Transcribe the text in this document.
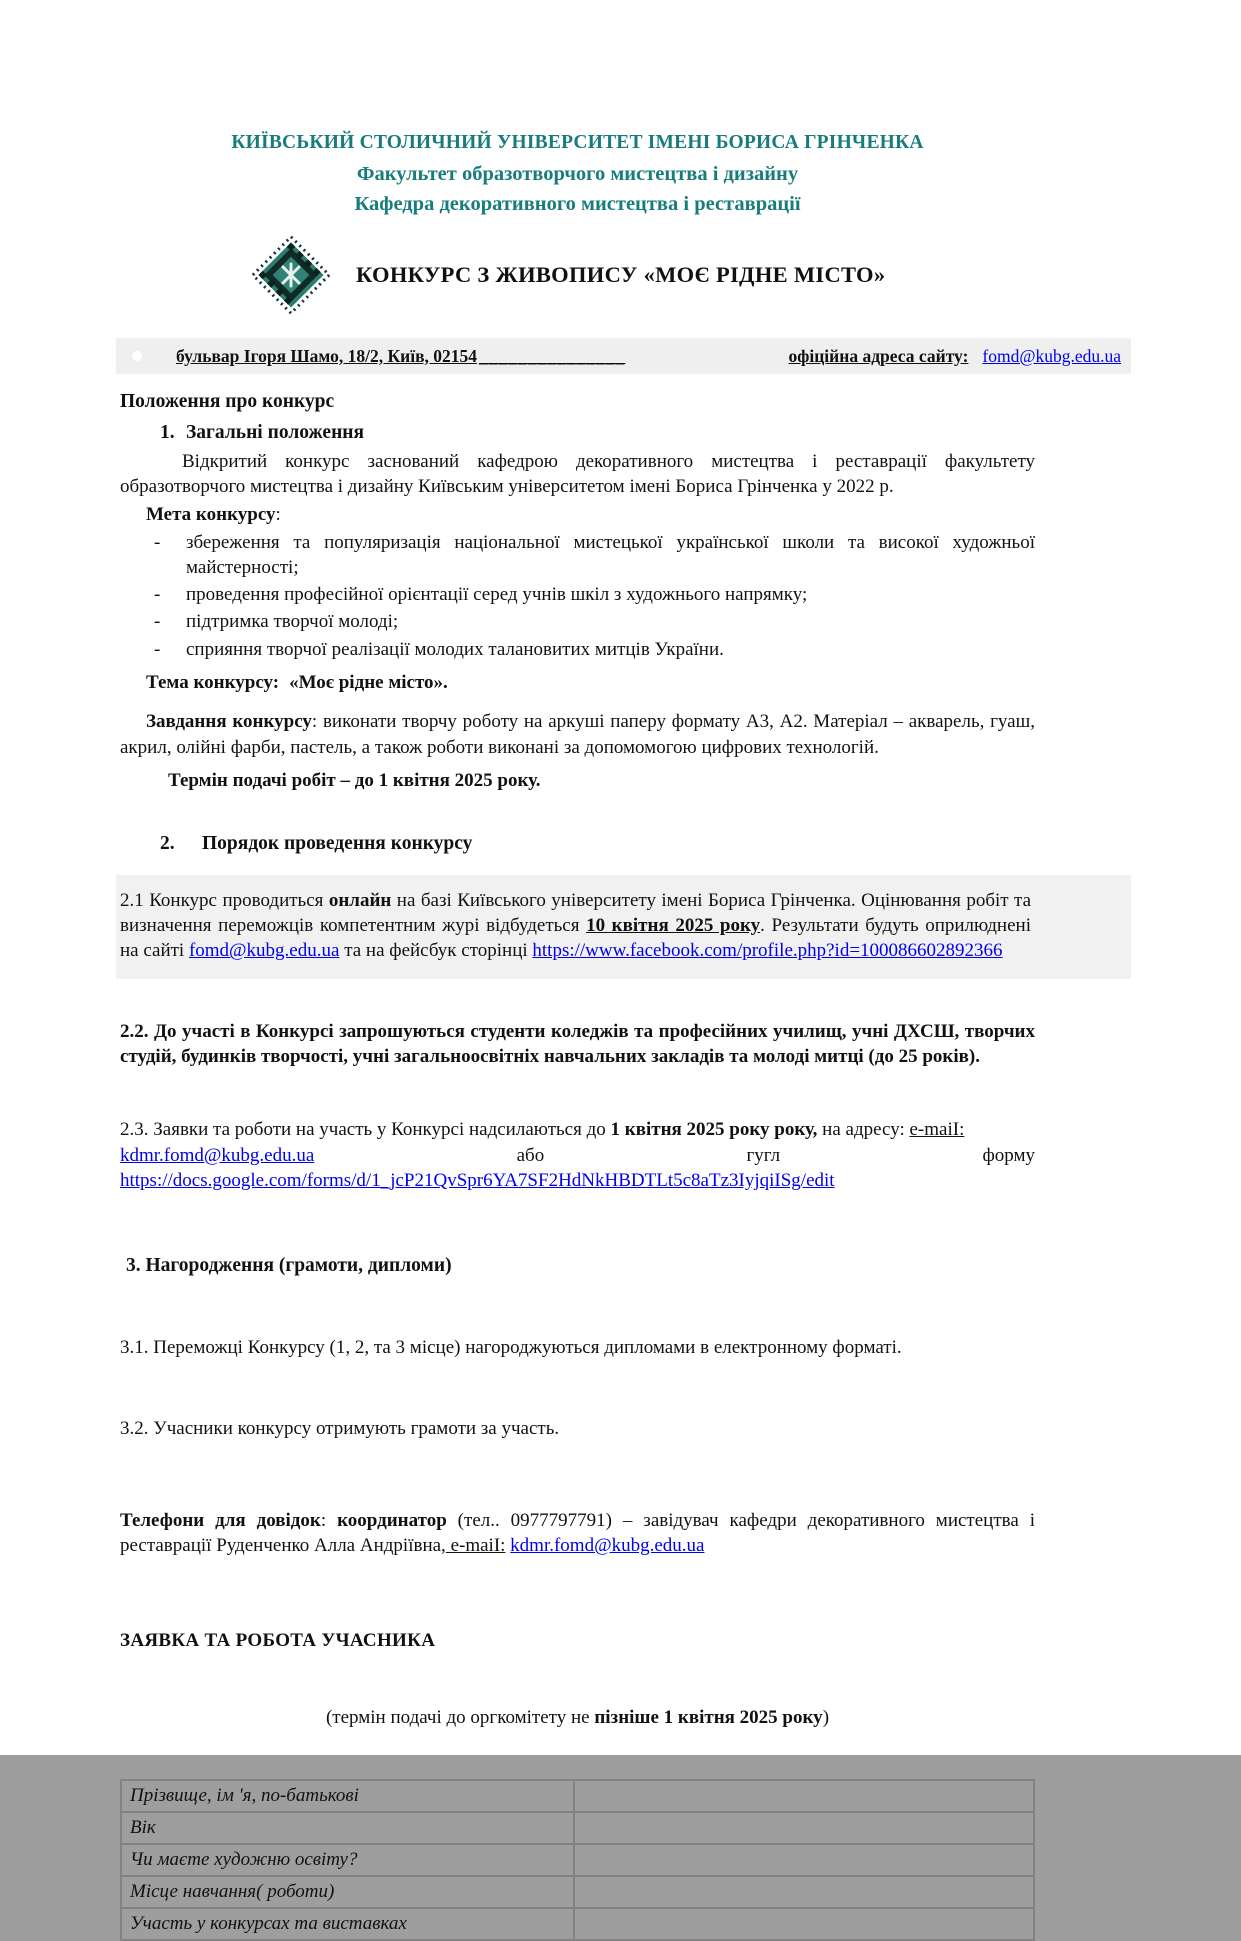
КИЇВСЬКИЙ СТОЛИЧНИЙ УНІВЕРСИТЕТ ІМЕНІ БОРИСА ГРІНЧЕНКА
Факультет образотворчого мистецтва і дизайну
Кафедра декоративного мистецтва і реставрації
КОНКУРС З ЖИВОПИСУ «МОЄ РІДНЕ МІСТО»
бульвар Ігоря Шамо, 18/2, Київ, 02154 _______________	офіційна адреса сайту: fomd@kubg.edu.ua
Положення про конкурс
1. Загальні положення

Відкритий конкурс заснований кафедрою декоративного мистецтва і реставрації факультету образотворчого мистецтва і дизайну Київським університетом імені Бориса Грінченка у 2022 р.

Мета конкурсу:
- збереження та популяризація національної мистецької української школи та високої художньої майстерності;
- проведення професійної орієнтації серед учнів шкіл з художнього напрямку;
- підтримка творчої молоді;
- сприяння творчої реалізації молодих талановитих митців України.
Тема конкурсу: «Моє рідне місто».

Завдання конкурсу: виконати творчу роботу на аркуші паперу формату А3, А2. Матеріал – акварель, гуаш, акрил, олійні фарби, пастель, а також роботи виконані за допомомогою цифрових технологій.

Термін подачі робіт – до 1 квітня 2025 року.
2. Порядок проведення конкурсу
2.1 Конкурс проводиться онлайн на базі Київського університету імені Бориса Грінченка. Оцінювання робіт та визначення переможців компетентним журі відбудеться 10 квітня 2025 року. Результати будуть оприлюднені на сайті fomd@kubg.edu.ua та на фейсбук сторінці https://www.facebook.com/profile.php?id=100086602892366

2.2. До участі в Конкурсі запрошуються студенти коледжів та професійних училищ, учні ДХСШ, творчих студій, будинків творчості, учні загальноосвітніх навчальних закладів та молоді митці (до 25 років).

2.3. Заявки та роботи на участь у Конкурсі надсилаються до 1 квітня 2025 року року, на адресу: e-maiI:
kdmr.fomd@kubg.edu.ua	або	гугл	форму
https://docs.google.com/forms/d/1_jcP21QvSpr6YA7SF2HdNkHBDTLt5c8aTz3IyjqiISg/edit
3. Нагородження (грамоти, дипломи)

3.1. Переможці Конкурсу (1, 2, та 3 місце) нагороджуються дипломами в електронному форматі.

3.2. Учасники конкурсу отримують грамоти за участь.

Телефони для довідок: координатор (тел.. 0977797791) – завідувач кафедри декоративного мистецтва і реставрації Руденченко Алла Андріївна, e-maiI: kdmr.fomd@kubg.edu.ua
ЗАЯВКА ТА РОБОТА УЧАСНИКА
(термін подачі до оргкомітету не пізніше 1 квітня 2025 року)
Прізвище, ім 'я, по-батькові	
Вік	
Чи маєте художню освіту?	
Місце навчання( роботи)	
Участь у конкурсах та виставках	
